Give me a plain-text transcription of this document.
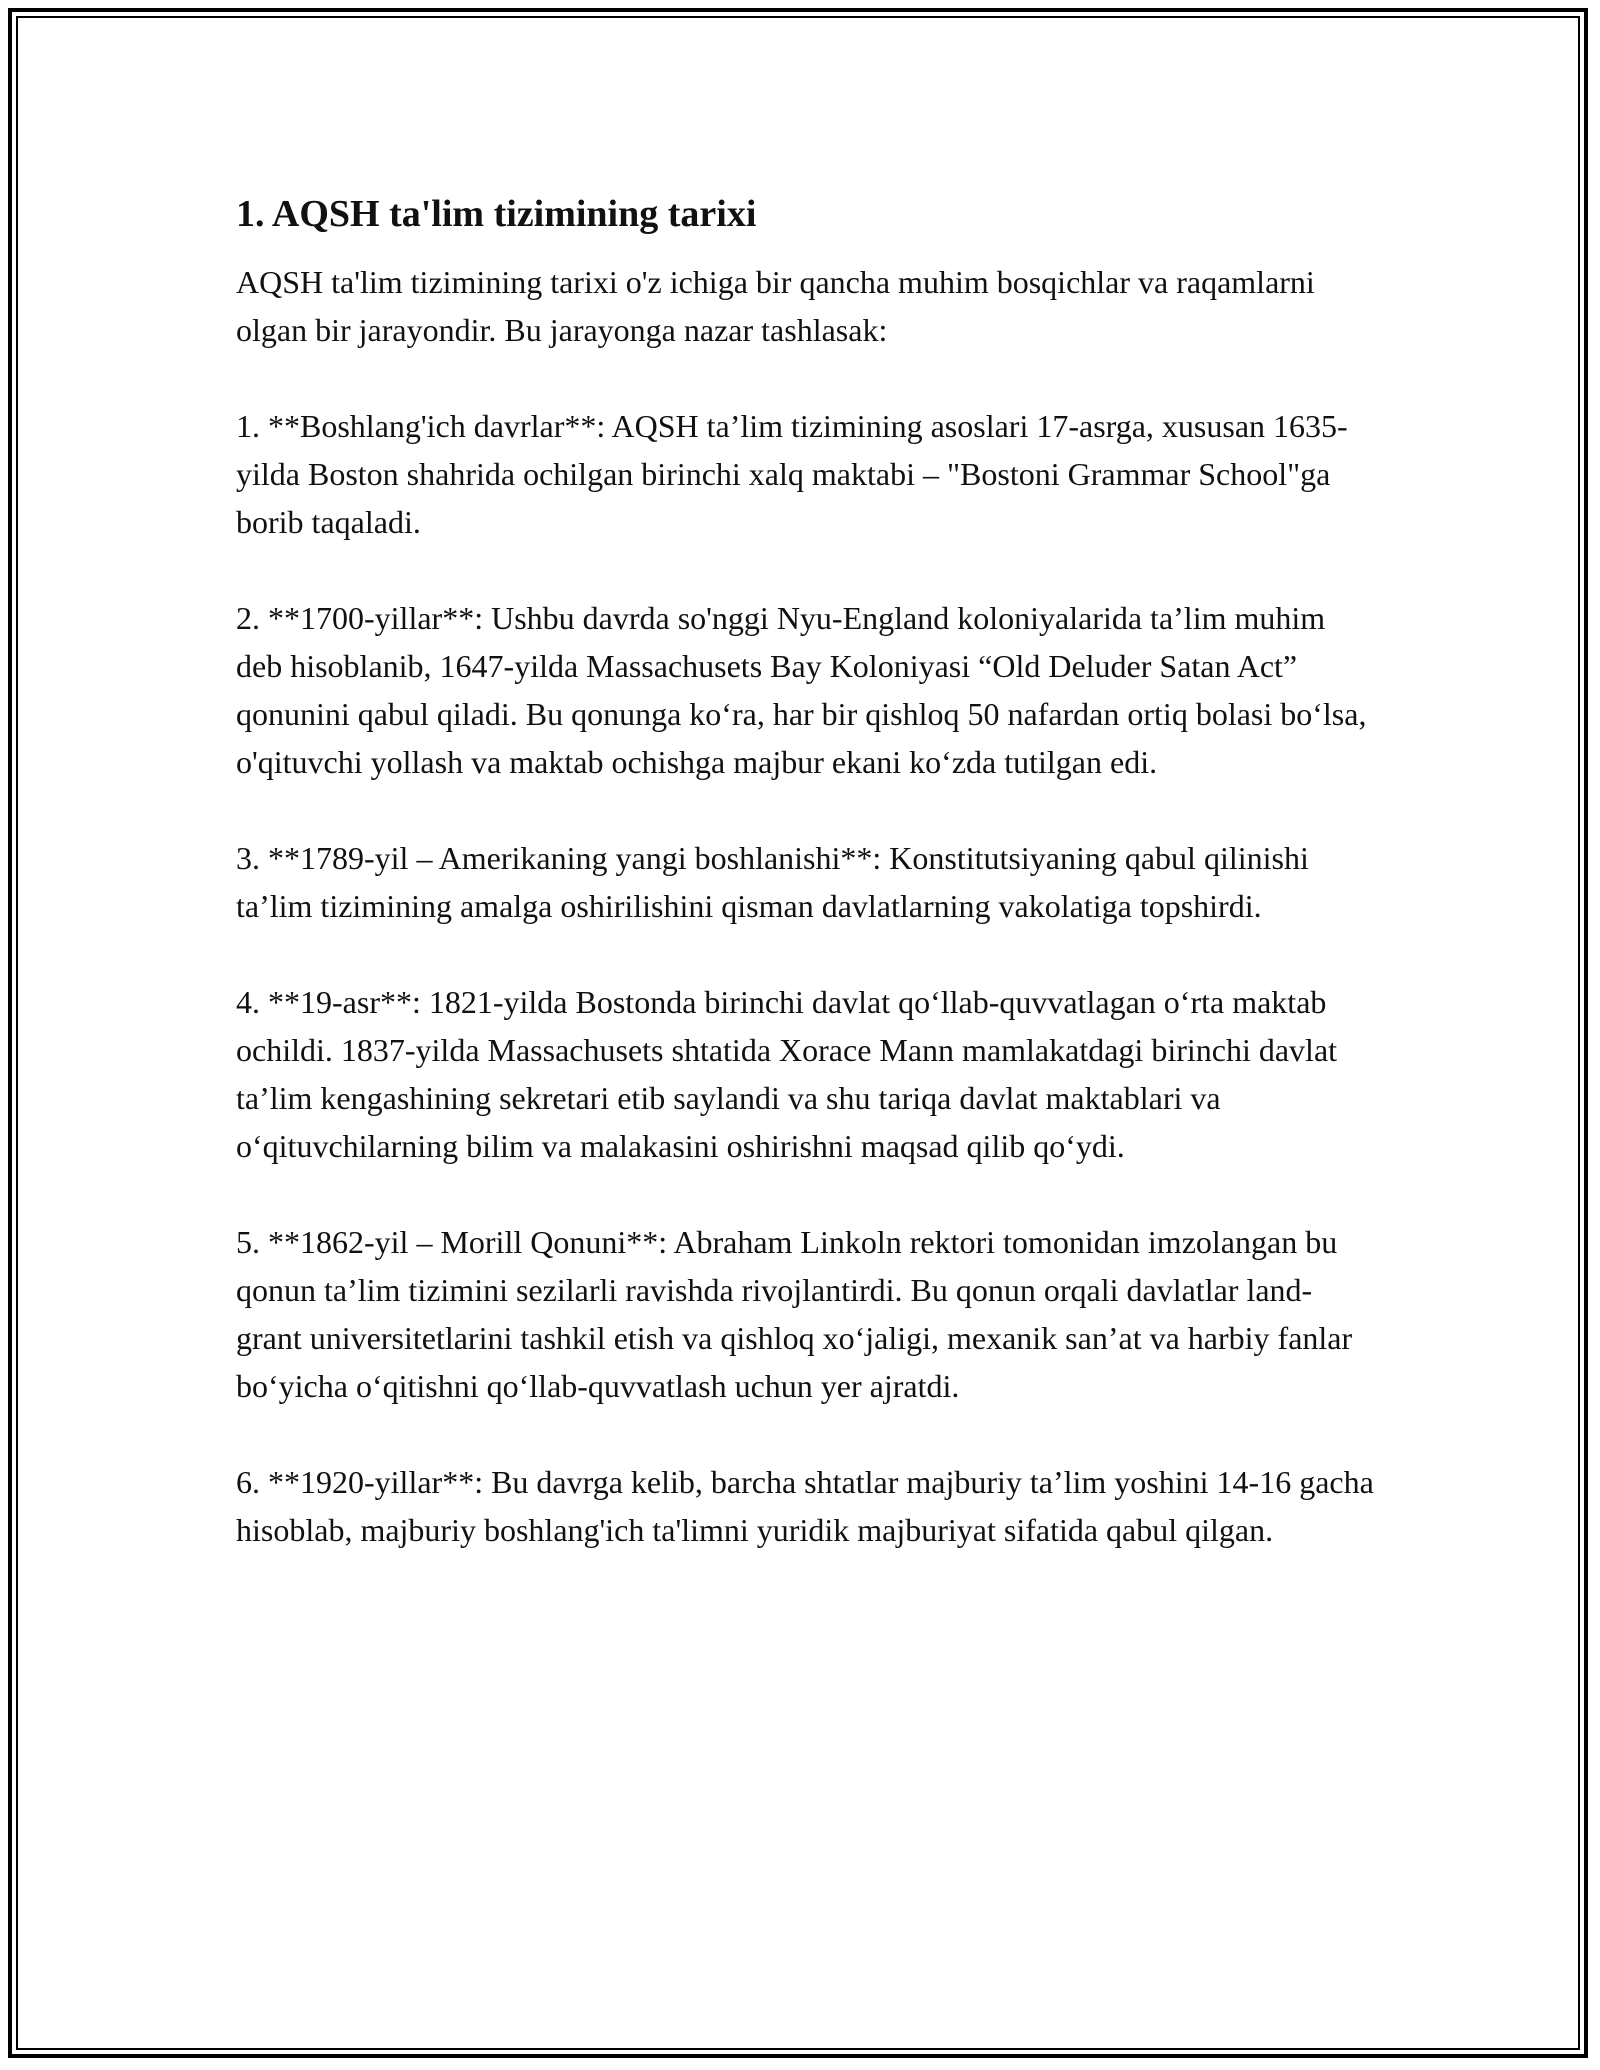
1. AQSH ta'lim tizimining tarixi

AQSH ta'lim tizimining tarixi o'z ichiga bir qancha muhim bosqichlar va raqamlarni olgan bir jarayondir. Bu jarayonga nazar tashlasak:

1. **Boshlang'ich davrlar**: AQSH ta’lim tizimining asoslari 17-asrga, xususan 1635-yilda Boston shahrida ochilgan birinchi xalq maktabi – "Bostoni Grammar School"ga borib taqaladi.

2. **1700-yillar**: Ushbu davrda so'nggi Nyu-England koloniyalarida ta’lim muhim deb hisoblanib, 1647-yilda Massachusets Bay Koloniyasi “Old Deluder Satan Act” qonunini qabul qiladi. Bu qonunga ko‘ra, har bir qishloq 50 nafardan ortiq bolasi bo‘lsa, o'qituvchi yollash va maktab ochishga majbur ekani ko‘zda tutilgan edi.

3. **1789-yil – Amerikaning yangi boshlanishi**: Konstitutsiyaning qabul qilinishi ta’lim tizimining amalga oshirilishini qisman davlatlarning vakolatiga topshirdi.

4. **19-asr**: 1821-yilda Bostonda birinchi davlat qo‘llab-quvvatlagan o‘rta maktab ochildi. 1837-yilda Massachusets shtatida Xorace Mann mamlakatdagi birinchi davlat ta’lim kengashining sekretari etib saylandi va shu tariqa davlat maktablari va o‘qituvchilarning bilim va malakasini oshirishni maqsad qilib qo‘ydi.

5. **1862-yil – Morill Qonuni**: Abraham Linkoln rektori tomonidan imzolangan bu qonun ta’lim tizimini sezilarli ravishda rivojlantirdi. Bu qonun orqali davlatlar land-grant universitetlarini tashkil etish va qishloq xo‘jaligi, mexanik san’at va harbiy fanlar bo‘yicha o‘qitishni qo‘llab-quvvatlash uchun yer ajratdi.

6. **1920-yillar**: Bu davrga kelib, barcha shtatlar majburiy ta’lim yoshini 14-16 gacha hisoblab, majburiy boshlang'ich ta'limni yuridik majburiyat sifatida qabul qilgan.
